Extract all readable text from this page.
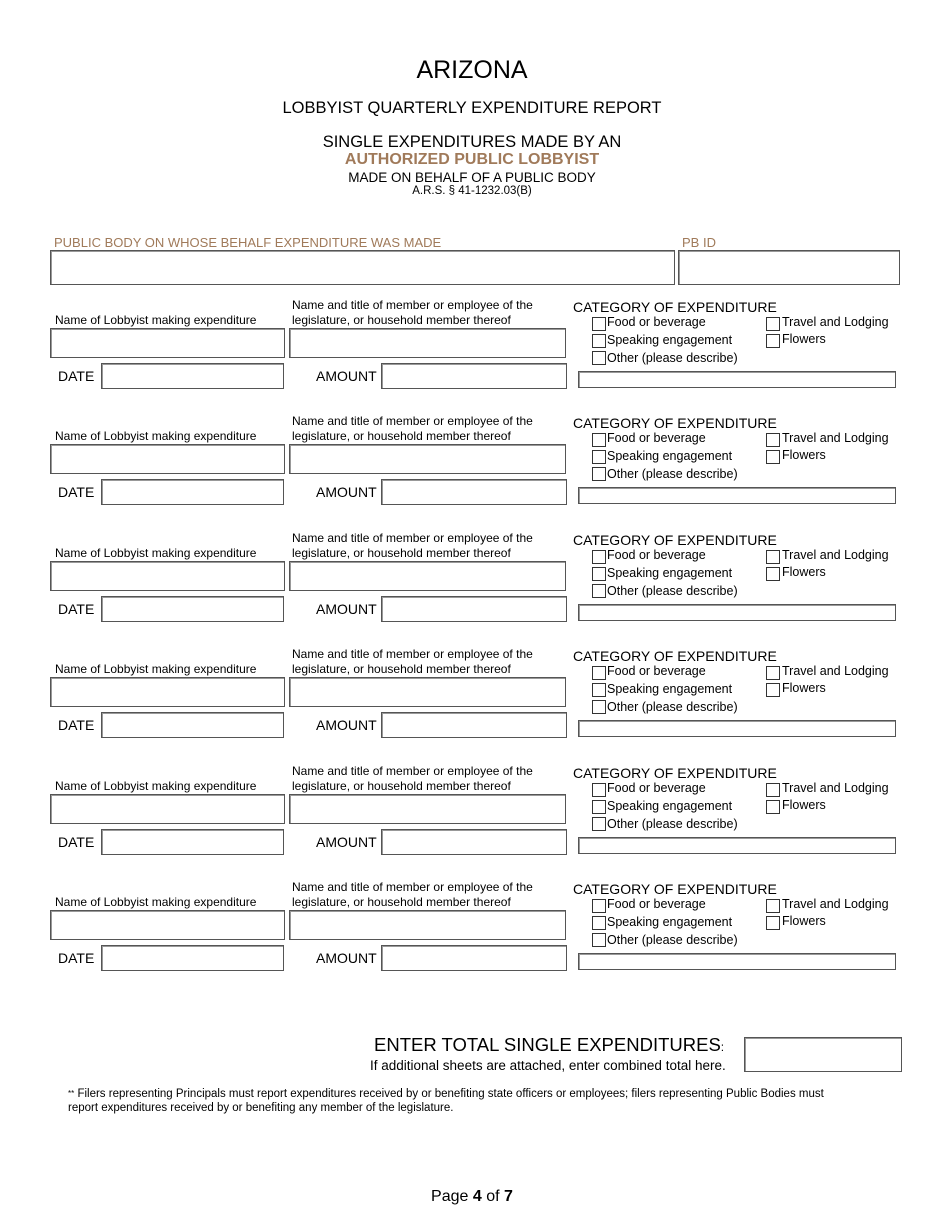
ARIZONA
LOBBYIST QUARTERLY EXPENDITURE REPORT
SINGLE EXPENDITURES MADE BY AN
AUTHORIZED PUBLIC LOBBYIST
MADE ON BEHALF OF A PUBLIC BODY
A.R.S. § 41-1232.03(B)
PUBLIC BODY ON WHOSE BEHALF EXPENDITURE WAS MADE	PB ID
Name of Lobbyist making expenditure
Name and title of member or employee of the
legislature, or household member thereof
DATE	AMOUNT
CATEGORY OF EXPENDITURE
Food or beverage
Speaking engagement
Other (please describe)
Travel and Lodging
Flowers
Name of Lobbyist making expenditure
Name and title of member or employee of the
legislature, or household member thereof
DATE	AMOUNT
CATEGORY OF EXPENDITURE
Food or beverage
Speaking engagement
Other (please describe)
Travel and Lodging
Flowers
Name of Lobbyist making expenditure
Name and title of member or employee of the
legislature, or household member thereof
DATE	AMOUNT
CATEGORY OF EXPENDITURE
Food or beverage
Speaking engagement
Other (please describe)
Travel and Lodging
Flowers
Name of Lobbyist making expenditure
Name and title of member or employee of the
legislature, or household member thereof
DATE	AMOUNT
CATEGORY OF EXPENDITURE
Food or beverage
Speaking engagement
Other (please describe)
Travel and Lodging
Flowers
Name of Lobbyist making expenditure
Name and title of member or employee of the
legislature, or household member thereof
DATE	AMOUNT
CATEGORY OF EXPENDITURE
Food or beverage
Speaking engagement
Other (please describe)
Travel and Lodging
Flowers
Name of Lobbyist making expenditure
Name and title of member or employee of the
legislature, or household member thereof
DATE	AMOUNT
CATEGORY OF EXPENDITURE
Food or beverage
Speaking engagement
Other (please describe)
Travel and Lodging
Flowers
ENTER TOTAL SINGLE EXPENDITURES:
If additional sheets are attached, enter combined total here.
** Filers representing Principals must report expenditures received by or benefiting state officers or employees; filers representing Public Bodies must report expenditures received by or benefiting any member of the legislature.
Page 4 of 7
